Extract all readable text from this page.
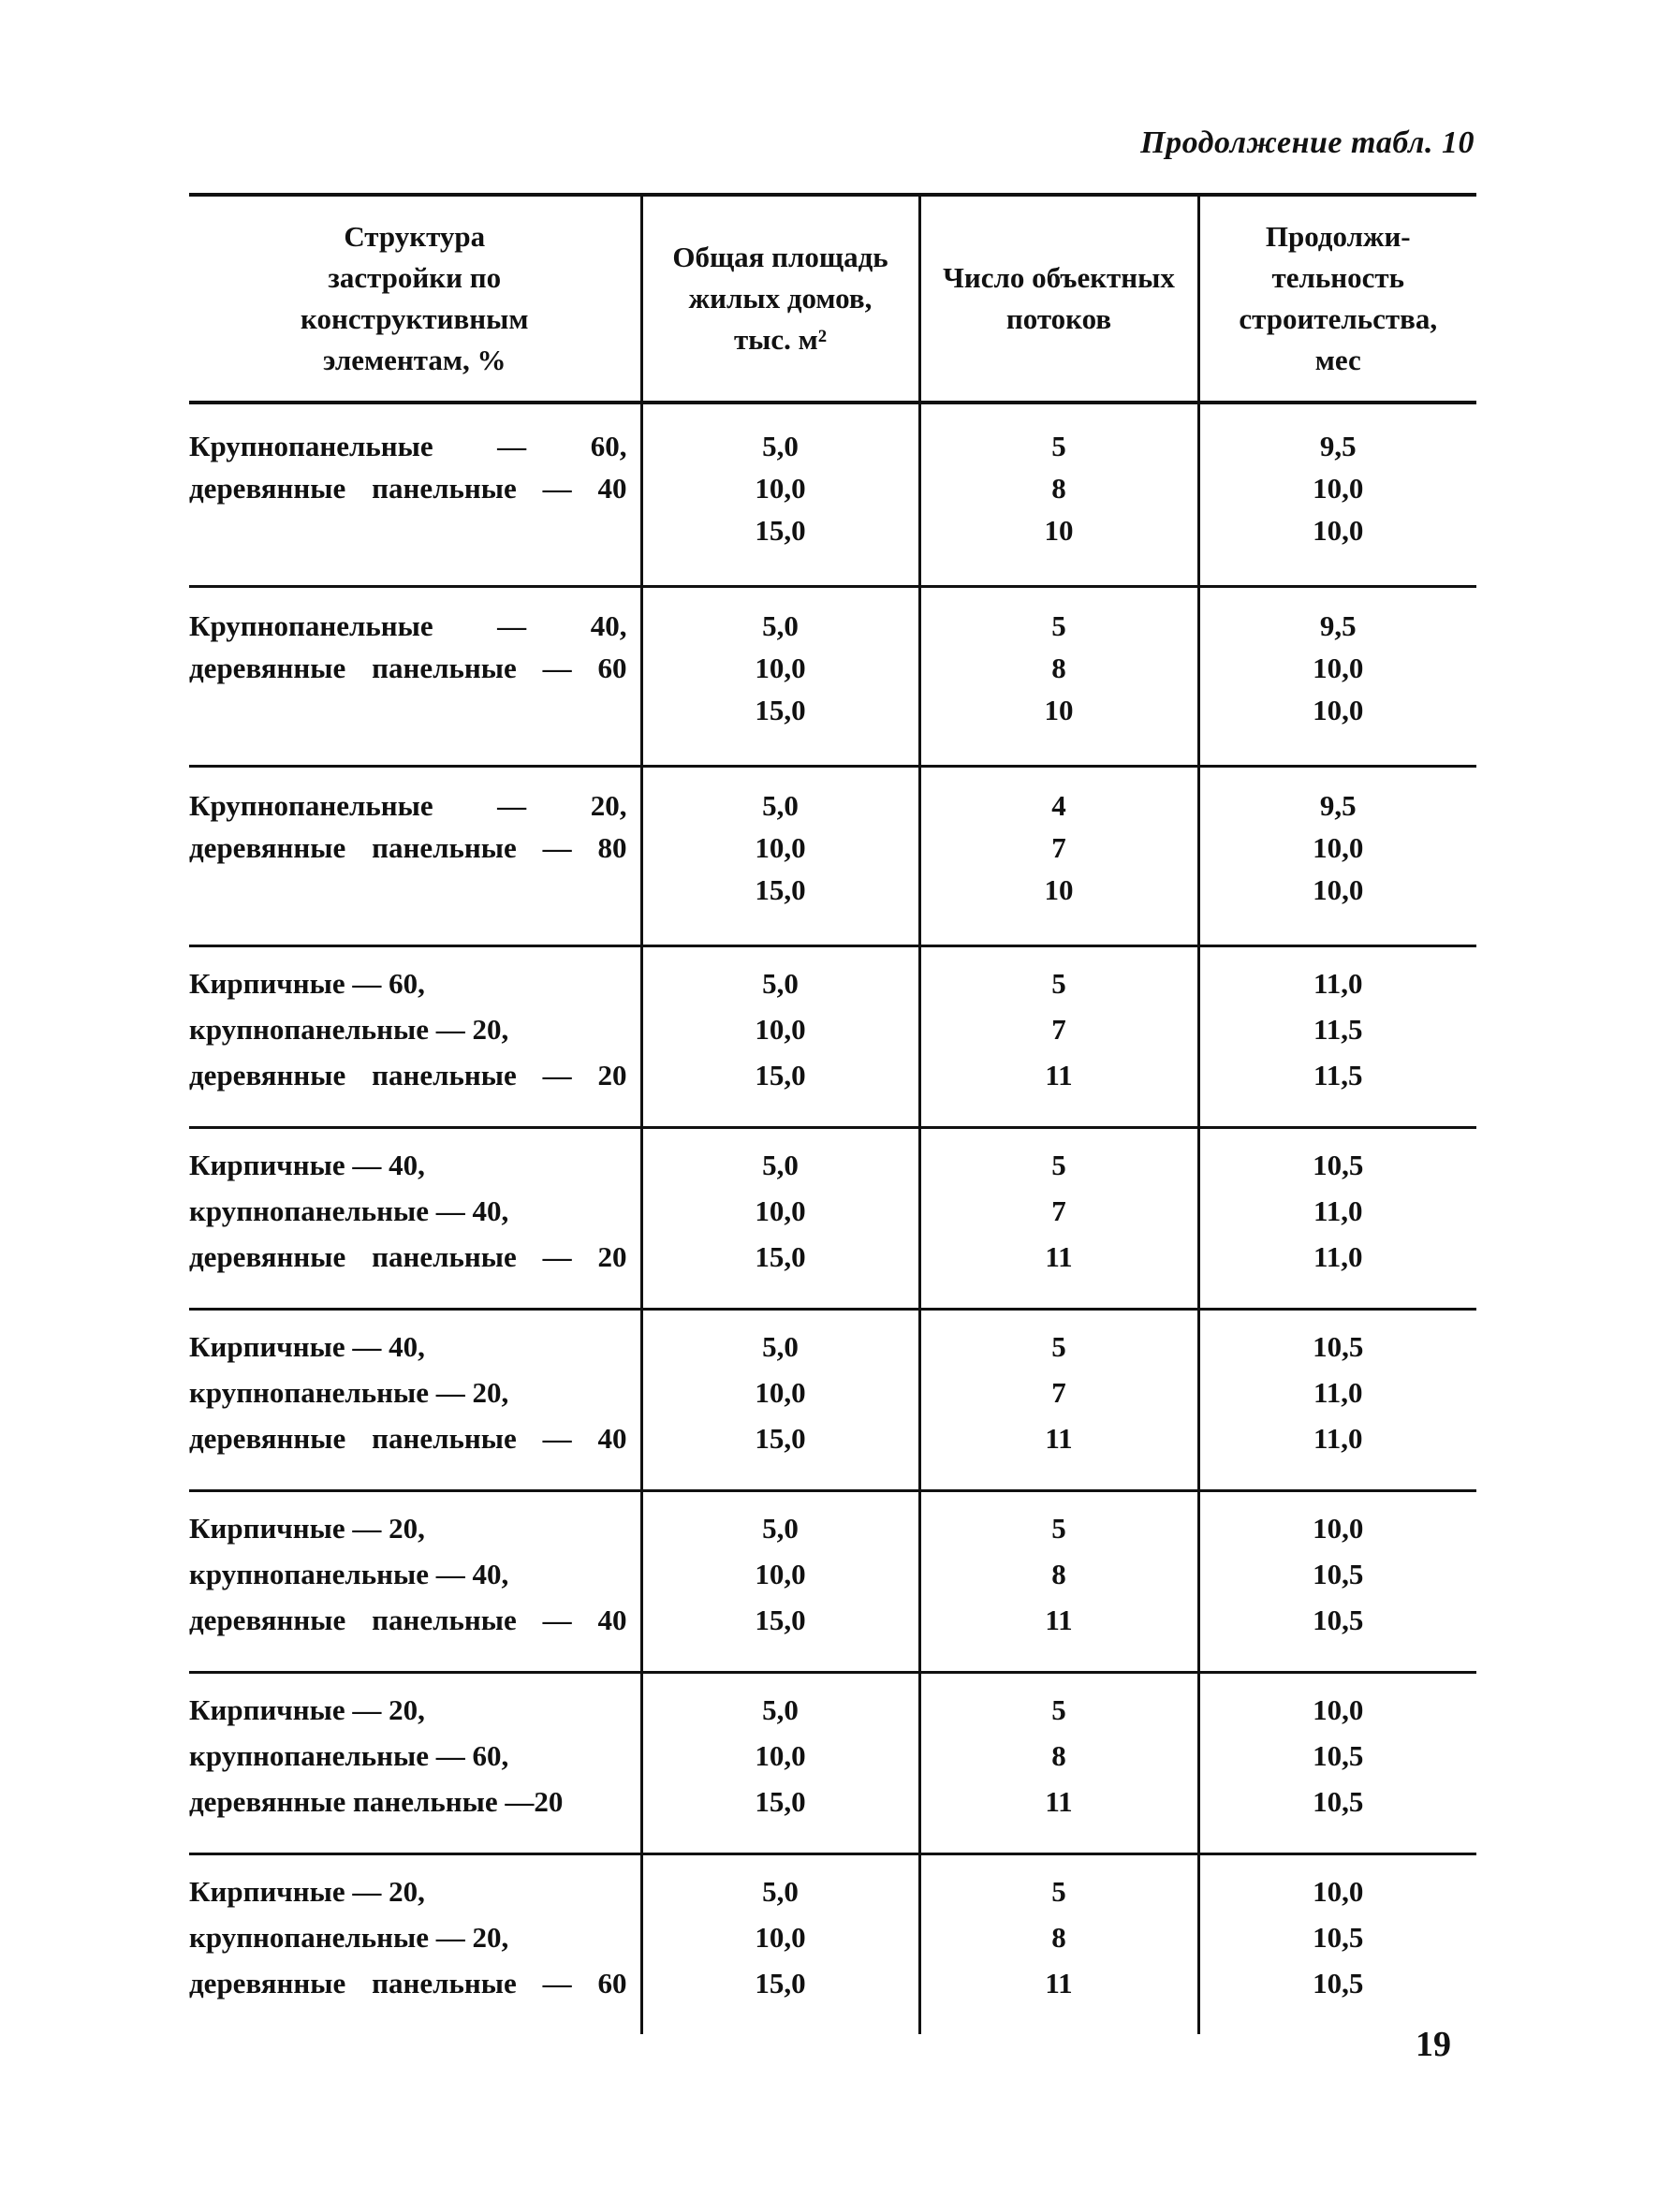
Продолжение табл. 10
Структура
застройки по
конструктивным
элементам, %	Общая площадь
жилых домов,
тыс. м²	Число объектных
потоков	Продолжи-
тельность
строительства,
мес

Крупнопанельные — 60,
деревянные панельные — 40	5,0
10,0
15,0	5
8
10	9,5
10,0
10,0

Крупнопанельные — 40,
деревянные панельные — 60	5,0
10,0
15,0	5
8
10	9,5
10,0
10,0

Крупнопанельные — 20,
деревянные панельные — 80	5,0
10,0
15,0	4
7
10	9,5
10,0
10,0

Кирпичные — 60,
крупнопанельные — 20,
деревянные панельные — 20	5,0
10,0
15,0	5
7
11	11,0
11,5
11,5

Кирпичные — 40,
крупнопанельные — 40,
деревянные панельные — 20	5,0
10,0
15,0	5
7
11	10,5
11,0
11,0

Кирпичные — 40,
крупнопанельные — 20,
деревянные панельные — 40	5,0
10,0
15,0	5
7
11	10,5
11,0
11,0

Кирпичные — 20,
крупнопанельные — 40,
деревянные панельные — 40	5,0
10,0
15,0	5
8
11	10,0
10,5
10,5

Кирпичные — 20,
крупнопанельные — 60,
деревянные панельные —20	5,0
10,0
15,0	5
8
11	10,0
10,5
10,5

Кирпичные — 20,
крупнопанельные — 20,
деревянные панельные — 60	5,0
10,0
15,0	5
8
11	10,0
10,5
10,5
19
